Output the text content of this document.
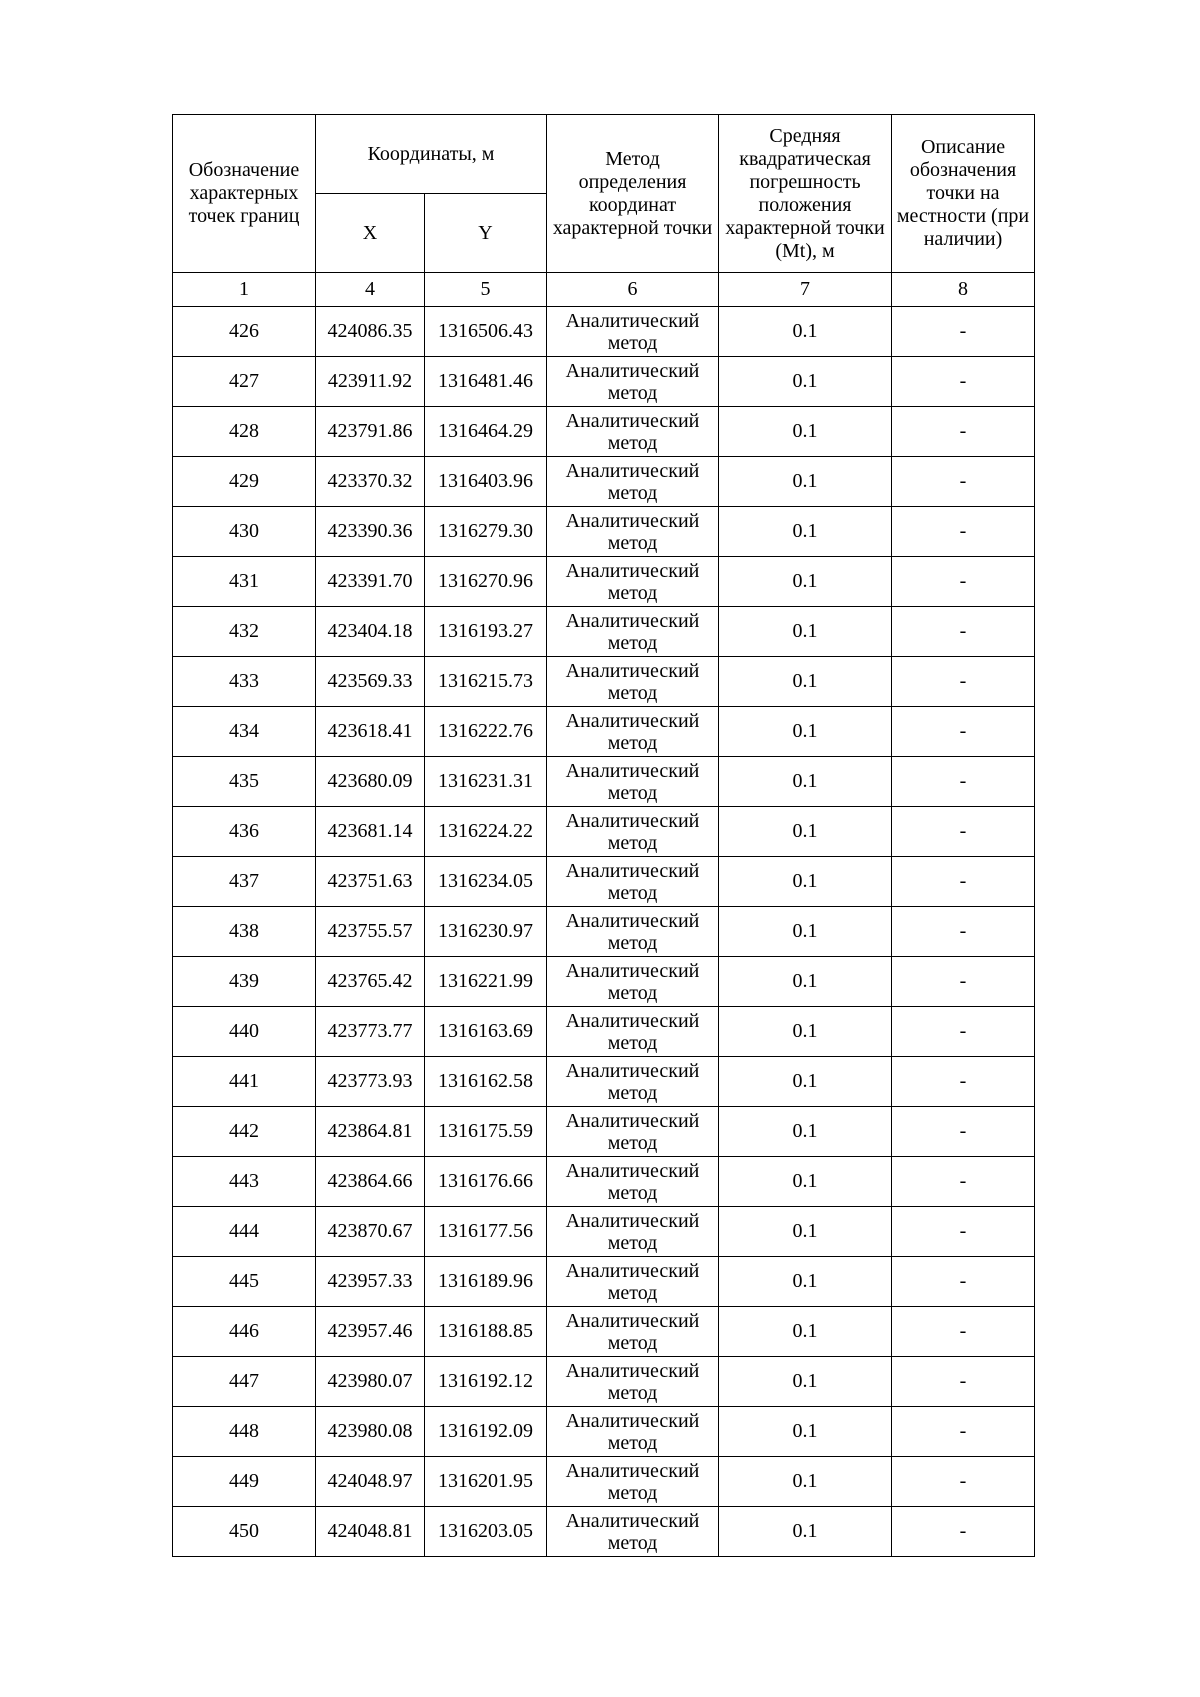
Обозначение характерных точек границ	Координаты, м		Метод определения координат характерной точки	Средняя квадратическая погрешность положения характерной точки (Mt), м	Описание обозначения точки на местности (при наличии)
	X	Y			
1	4	5	6	7	8
426	424086.35	1316506.43	Аналитический метод	0.1	-
427	423911.92	1316481.46	Аналитический метод	0.1	-
428	423791.86	1316464.29	Аналитический метод	0.1	-
429	423370.32	1316403.96	Аналитический метод	0.1	-
430	423390.36	1316279.30	Аналитический метод	0.1	-
431	423391.70	1316270.96	Аналитический метод	0.1	-
432	423404.18	1316193.27	Аналитический метод	0.1	-
433	423569.33	1316215.73	Аналитический метод	0.1	-
434	423618.41	1316222.76	Аналитический метод	0.1	-
435	423680.09	1316231.31	Аналитический метод	0.1	-
436	423681.14	1316224.22	Аналитический метод	0.1	-
437	423751.63	1316234.05	Аналитический метод	0.1	-
438	423755.57	1316230.97	Аналитический метод	0.1	-
439	423765.42	1316221.99	Аналитический метод	0.1	-
440	423773.77	1316163.69	Аналитический метод	0.1	-
441	423773.93	1316162.58	Аналитический метод	0.1	-
442	423864.81	1316175.59	Аналитический метод	0.1	-
443	423864.66	1316176.66	Аналитический метод	0.1	-
444	423870.67	1316177.56	Аналитический метод	0.1	-
445	423957.33	1316189.96	Аналитический метод	0.1	-
446	423957.46	1316188.85	Аналитический метод	0.1	-
447	423980.07	1316192.12	Аналитический метод	0.1	-
448	423980.08	1316192.09	Аналитический метод	0.1	-
449	424048.97	1316201.95	Аналитический метод	0.1	-
450	424048.81	1316203.05	Аналитический метод	0.1	-
